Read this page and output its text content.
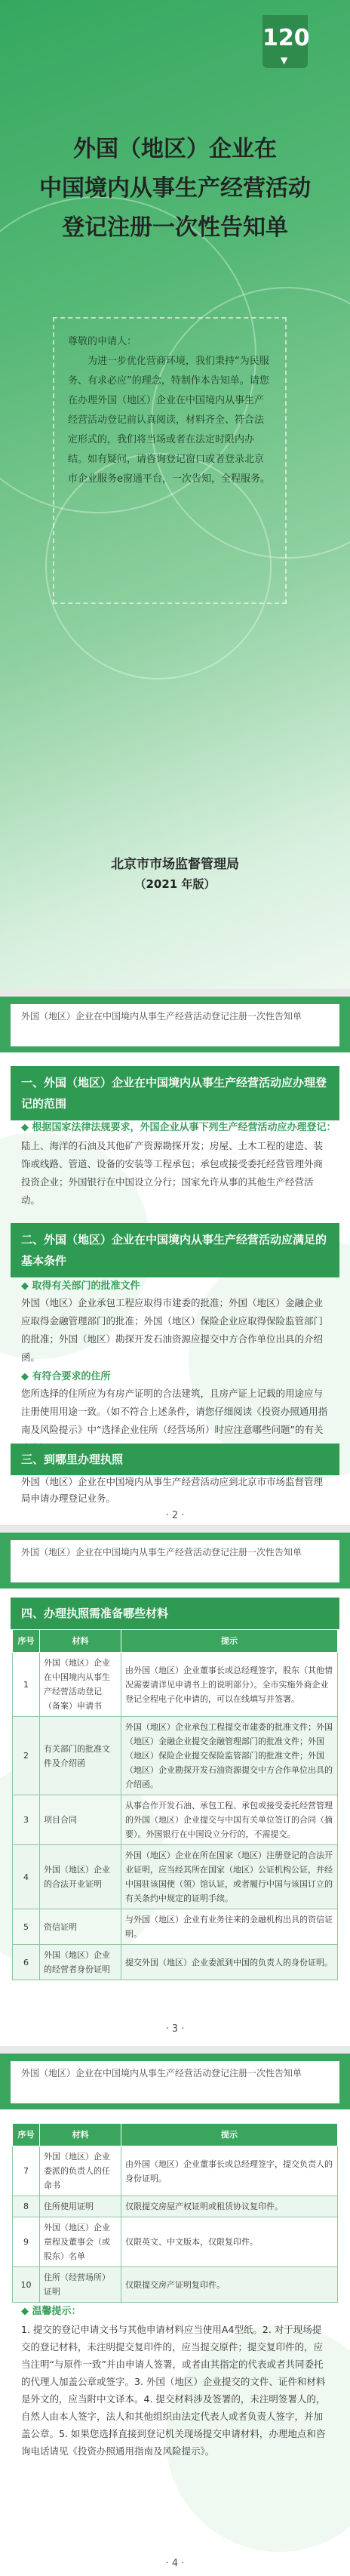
120
▼
外国（地区）企业在
中国境内从事生产经营活动
登记注册一次性告知单
尊敬的申请人：
为进一步优化营商环境，我们秉持“为民服务、有求必应”的理念，特制作本告知单。请您在办理外国（地区）企业在中国境内从事生产经营活动登记前认真阅读，材料齐全、符合法定形式的，我们将当场或者在法定时限内办结。如有疑问，请咨询登记窗口或者登录北京市企业服务e窗通平台，一次告知，全程服务。
北京市市场监督管理局
（2021 年版）
外国（地区）企业在中国境内从事生产经营活动登记注册一次性告知单
一、外国（地区）企业在中国境内从事生产经营活动应办理登记的范围
◆ 根据国家法律法规要求，外国企业从事下列生产经营活动应办理登记：
陆上、海洋的石油及其他矿产资源勘探开发；房屋、土木工程的建造、装饰或线路、管道、设备的安装等工程承包；承包或接受委托经营管理外商投资企业；外国银行在中国设立分行；国家允许从事的其他生产经营活动。
二、外国（地区）企业在中国境内从事生产经营活动应满足的基本条件
◆ 取得有关部门的批准文件
外国（地区）企业承包工程应取得市建委的批准；外国（地区）金融企业应取得金融管理部门的批准；外国（地区）保险企业应取得保险监管部门的批准；外国（地区）勘探开发石油资源应提交中方合作单位出具的介绍函。
◆ 有符合要求的住所
您所选择的住所应为有房产证明的合法建筑，且房产证上记载的用途应与注册使用用途一致。（如不符合上述条件，请您仔细阅读《投资办照通用指南及风险提示》中“选择企业住所（经营场所）时应注意哪些问题”的有关
三、到哪里办理执照
外国（地区）企业在中国境内从事生产经营活动应到北京市市场监督管理局申请办理登记业务。
· 2 ·
外国（地区）企业在中国境内从事生产经营活动登记注册一次性告知单
四、办理执照需准备哪些材料
序号	材料	提示
1	外国（地区）企业在中国境内从事生产经营活动登记（备案）申请书	由外国（地区）企业董事长或总经理签字，股东（其他情况需要请详见申请书上的说明部分）。全市实施外商企业登记全程电子化申请的，可以在线填写并签署。
2	有关部门的批准文件及介绍函	外国（地区）企业承包工程提交市建委的批准文件；外国（地区）金融企业提交金融管理部门的批准文件；外国（地区）保险企业提交保险监管部门的批准文件；外国（地区）企业勘探开发石油资源提交中方合作单位出具的介绍函。
3	项目合同	从事合作开发石油、承包工程、承包或接受委托经营管理的外国（地区）企业提交与中国有关单位签订的合同（摘要）。外国银行在中国设立分行的，不需提交。
4	外国（地区）企业的合法开业证明	外国（地区）企业在所在国家（地区）注册登记的合法开业证明，应当经其所在国家（地区）公证机构公证，并经中国驻该国使（领）馆认证，或者履行中国与该国订立的有关条约中规定的证明手续。
5	资信证明	与外国（地区）企业有业务往来的金融机构出具的资信证明。
6	外国（地区）企业的经营者身份证明	提交外国（地区）企业委派到中国的负责人的身份证明。
· 3 ·
外国（地区）企业在中国境内从事生产经营活动登记注册一次性告知单
序号	材料	提示
7	外国（地区）企业委派的负责人的任命书	由外国（地区）企业董事长或总经理签字，提交负责人的身份证明。
8	住所使用证明	仅限提交房屋产权证明或租赁协议复印件。
9	外国（地区）企业章程及董事会（或股东）名单	仅限英文、中文版本，仅限复印件。
10	住所（经营场所）证明	仅限提交房产证明复印件。
◆ 温馨提示：
1. 提交的登记申请文书与其他申请材料应当使用A4型纸。2. 对于现场提交的登记材料，未注明提交复印件的，应当提交原件；提交复印件的，应当注明“与原件一致”并由申请人签署，或者由其指定的代表或者共同委托的代理人加盖公章或签字。3. 外国（地区）企业提交的文件、证件和材料是外文的，应当附中文译本。4. 提交材料涉及签署的，未注明签署人的，自然人由本人签字，法人和其他组织由法定代表人或者负责人签字，并加盖公章。5. 如果您选择直接到登记机关现场提交申请材料，办理地点和咨询电话请见《投资办照通用指南及风险提示》。
· 4 ·
